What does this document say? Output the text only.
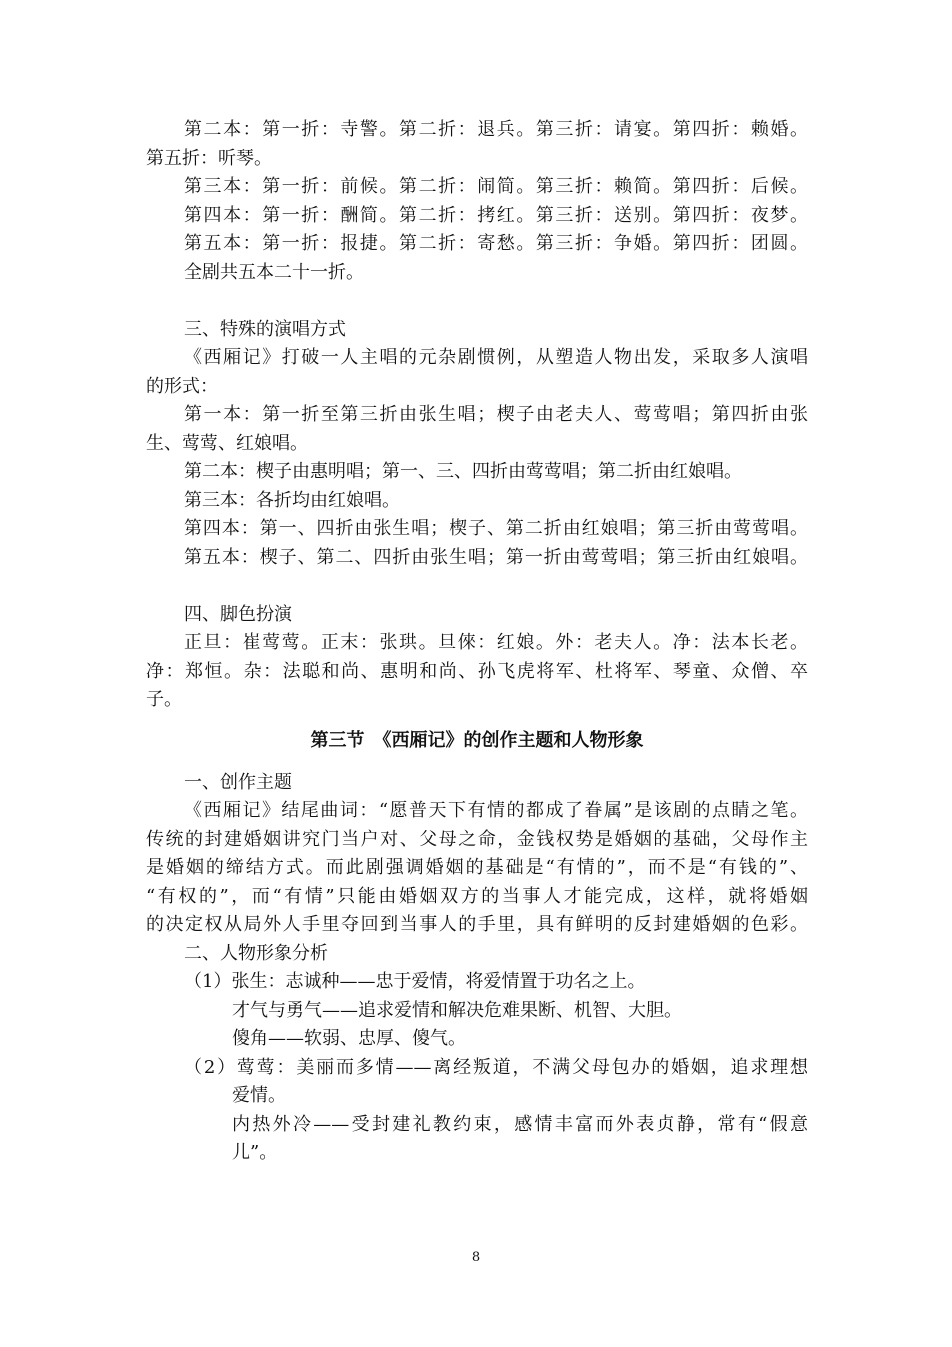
第二本：第一折：寺警。第二折：退兵。第三折：请宴。第四折：赖婚。
第五折：听琴。
第三本：第一折：前候。第二折：闹简。第三折：赖简。第四折：后候。
第四本：第一折：酬简。第二折：拷红。第三折：送别。第四折：夜梦。
第五本：第一折：报捷。第二折：寄愁。第三折：争婚。第四折：团圆。
全剧共五本二十一折。
三、特殊的演唱方式
《西厢记》打破一人主唱的元杂剧惯例，从塑造人物出发，采取多人演唱
的形式：
第一本：第一折至第三折由张生唱；楔子由老夫人、莺莺唱；第四折由张
生、莺莺、红娘唱。
第二本：楔子由惠明唱；第一、三、四折由莺莺唱；第二折由红娘唱。
第三本：各折均由红娘唱。
第四本：第一、四折由张生唱；楔子、第二折由红娘唱；第三折由莺莺唱。
第五本：楔子、第二、四折由张生唱；第一折由莺莺唱；第三折由红娘唱。
四、脚色扮演
正旦：崔莺莺。正末：张珙。旦倈：红娘。外：老夫人。净：法本长老。
净：郑恒。杂：法聪和尚、惠明和尚、孙飞虎将军、杜将军、琴童、众僧、卒
子。
第三节　《西厢记》的创作主题和人物形象
一、创作主题
《西厢记》结尾曲词：“愿普天下有情的都成了眷属”是该剧的点睛之笔。
传统的封建婚姻讲究门当户对、父母之命，金钱权势是婚姻的基础，父母作主
是婚姻的缔结方式。而此剧强调婚姻的基础是“有情的”，而不是“有钱的”、
“有权的”，而“有情”只能由婚姻双方的当事人才能完成，这样，就将婚姻
的决定权从局外人手里夺回到当事人的手里，具有鲜明的反封建婚姻的色彩。
二、人物形象分析
（1）张生：志诚种——忠于爱情，将爱情置于功名之上。
才气与勇气——追求爱情和解决危难果断、机智、大胆。
傻角——软弱、忠厚、傻气。
（2）莺莺：美丽而多情——离经叛道，不满父母包办的婚姻，追求理想
爱情。
内热外冷——受封建礼教约束，感情丰富而外表贞静，常有“假意
儿”。
8
